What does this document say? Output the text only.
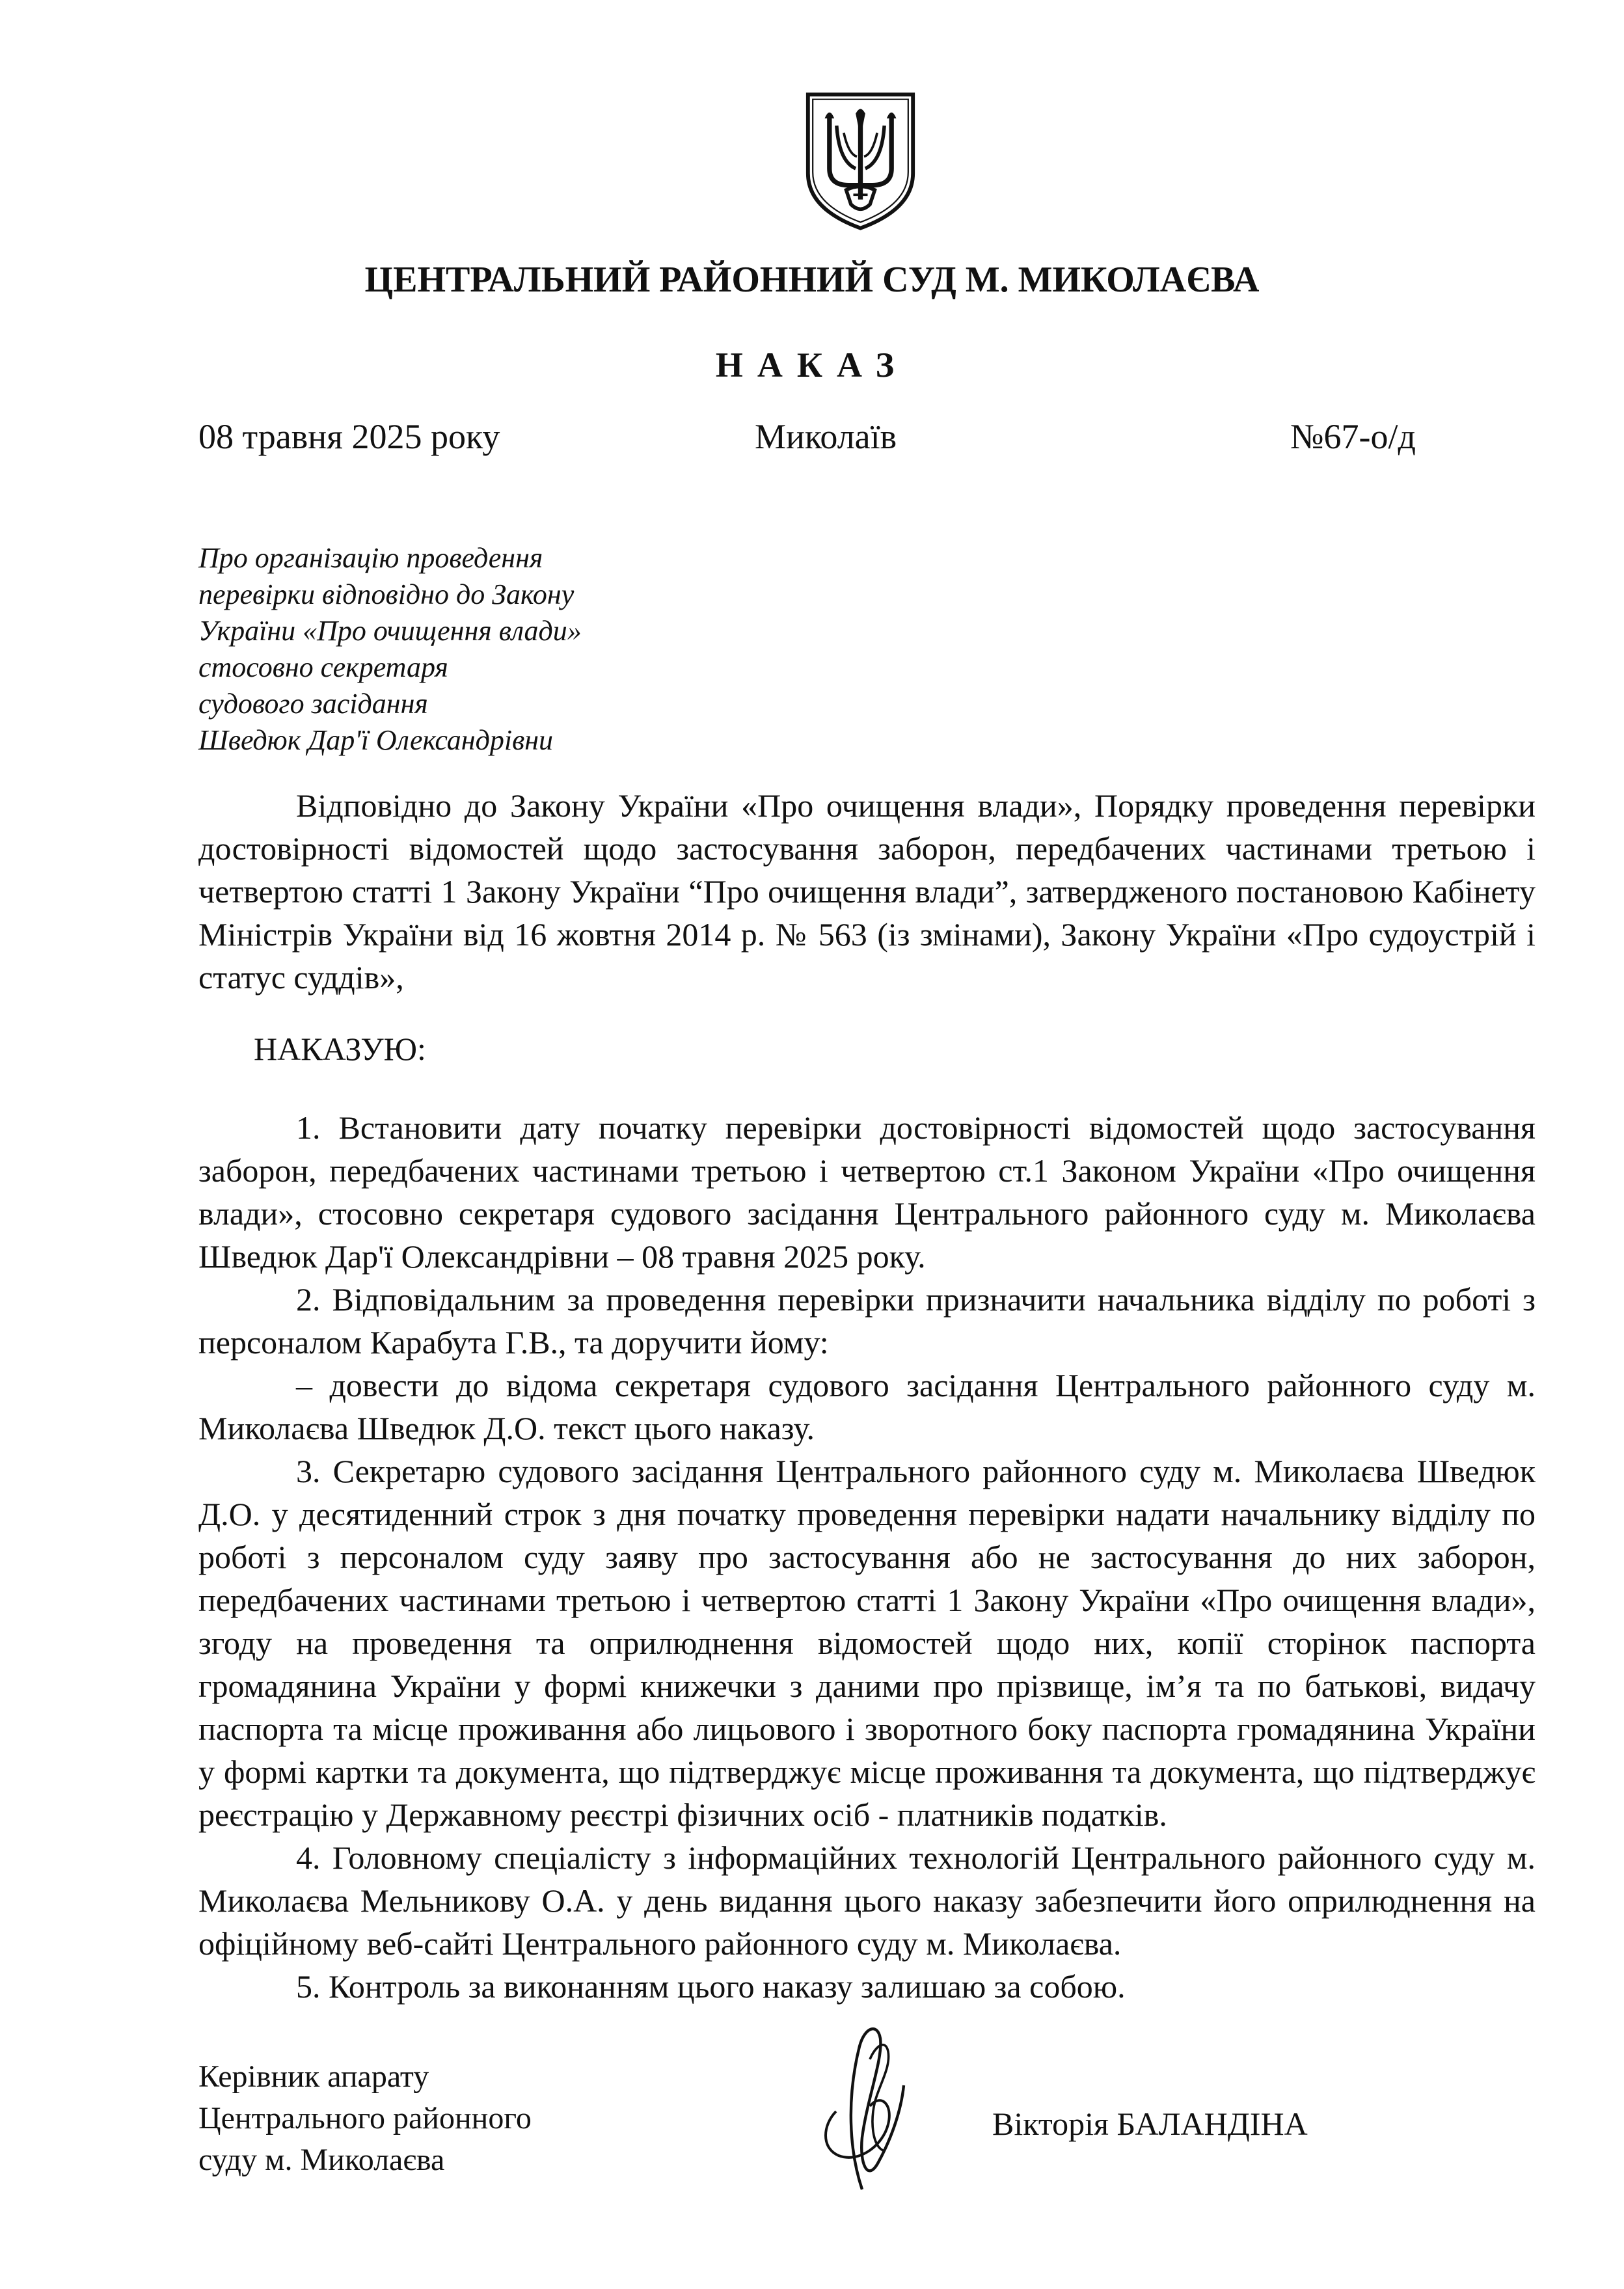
ЦЕНТРАЛЬНИЙ РАЙОННИЙ СУД М. МИКОЛАЄВА
НАКАЗ
08 травня 2025 року	Миколаїв	№67-о/д
Про організацію проведення
перевірки відповідно до Закону
України «Про очищення влади»
стосовно секретаря
судового засідання
Шведюк Дар'ї Олександрівни

Відповідно до Закону України «Про очищення влади», Порядку проведення перевірки достовірності відомостей щодо застосування заборон, передбачених частинами третьою і четвертою статті 1 Закону України “Про очищення влади”, затвердженого постановою Кабінету Міністрів України від 16 жовтня 2014 р. № 563 (із змінами), Закону України «Про судоустрій і статус суддів»,

НАКАЗУЮ:

1. Встановити дату початку перевірки достовірності відомостей щодо застосування заборон, передбачених частинами третьою і четвертою ст.1 Законом України «Про очищення влади», стосовно секретаря судового засідання Центрального районного суду м. Миколаєва Шведюк Дар'ї Олександрівни – 08 травня 2025 року.

2. Відповідальним за проведення перевірки призначити начальника відділу по роботі з персоналом Карабута Г.В., та доручити йому:

– довести до відома секретаря судового засідання Центрального районного суду м. Миколаєва Шведюк Д.О. текст цього наказу.

3. Секретарю судового засідання Центрального районного суду м. Миколаєва Шведюк Д.О. у десятиденний строк з дня початку проведення перевірки надати начальнику відділу по роботі з персоналом суду заяву про застосування або не застосування до них заборон, передбачених частинами третьою і четвертою статті 1 Закону України «Про очищення влади», згоду на проведення та оприлюднення відомостей щодо них, копії сторінок паспорта громадянина України у формі книжечки з даними про прізвище, ім’я та по батькові, видачу паспорта та місце проживання або лицьового і зворотного боку паспорта громадянина України у формі картки та документа, що підтверджує місце проживання та документа, що підтверджує реєстрацію у Державному реєстрі фізичних осіб - платників податків.

4. Головному спеціалісту з інформаційних технологій Центрального районного суду м. Миколаєва Мельникову О.А. у день видання цього наказу забезпечити його оприлюднення на офіційному веб-сайті Центрального районного суду м. Миколаєва.

5. Контроль за виконанням цього наказу залишаю за собою.

Керівник апарату
Центрального районного
суду м. Миколаєва
Вікторія БАЛАНДІНА
